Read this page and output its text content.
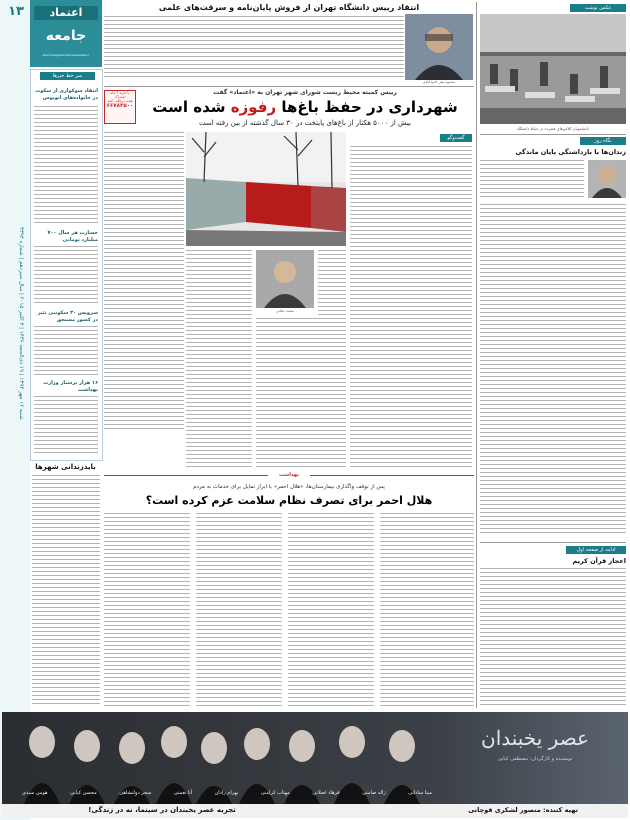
۱۳	اعتماد
جامعه
ejtemaei@etemadnewspaper.ir
شنبه ۱۲ مهر ۱۳۹۴ | ۱۹ ذی‌الحجه ۱۴۳۶ | ۳ اکتبر ۲۰۱۵ | سال سیزدهم | شماره ۳۳۹۴
سر خط خبرها
انتقاد سوکواری از سکوت در خانواده‌های اتوبوس
خسارت هر سال ۷۰۰ میلیارد تومانی
سرویس ۳۰ سکونتی تئیر در کشور مستحق
۱۶ هزار پرستار وزارت بهداشت
بایدزندانی شهرها
انتقاد رییس دانشگاه تهران از فروش پایان‌نامه و سرقت‌های علمی
محمود نیلی احمدآبادی
با خرید ۶ ماه اشتراک
هدیه دریافت کنید
۶۶۷۸۴۵۰۰
رییس کمیته محیط زیست شورای شهر تهران به «اعتماد» گفت
شهرداری در حفظ باغ‌ها رفوزه شده است
بیش از ۵۰۰۰ هکتار از باغ‌های پایتخت در ۳۰ سال گذشته از بین رفته است
محمد حقانی
گفت‌وگو
بهداشت
پس از توقف واگذاری بیمارستان‌ها، «هلال احمر» با ابراز تمایل برای خدمات به مردم
هلال احمر برای تصرف نظام سلامت عزم کرده است؟
عکس نوشت
دانشجویان کلاس‌های فشرده در حیاط دانشگاه
نگاه روز
زندان‌ها با بازداشتگی پایان ماندگی
ادامه از صفحه اول
اعجاز قرآن کریم
عصر یخبندان
نویسنده و کارگردان: مصطفی کیایی
هومن سیدی	محسن کیایی	سحر دولتشاهی	آنا نعمتی	بهرام رادان	مهتاب کرامتی	فرهاد اصلانی	ژاله صامتی	مینا ساداتی
تجربه عصر یخبندان در سینما، نه در زندگی!	تهیه کننده: منصور لشکری قوچانی
